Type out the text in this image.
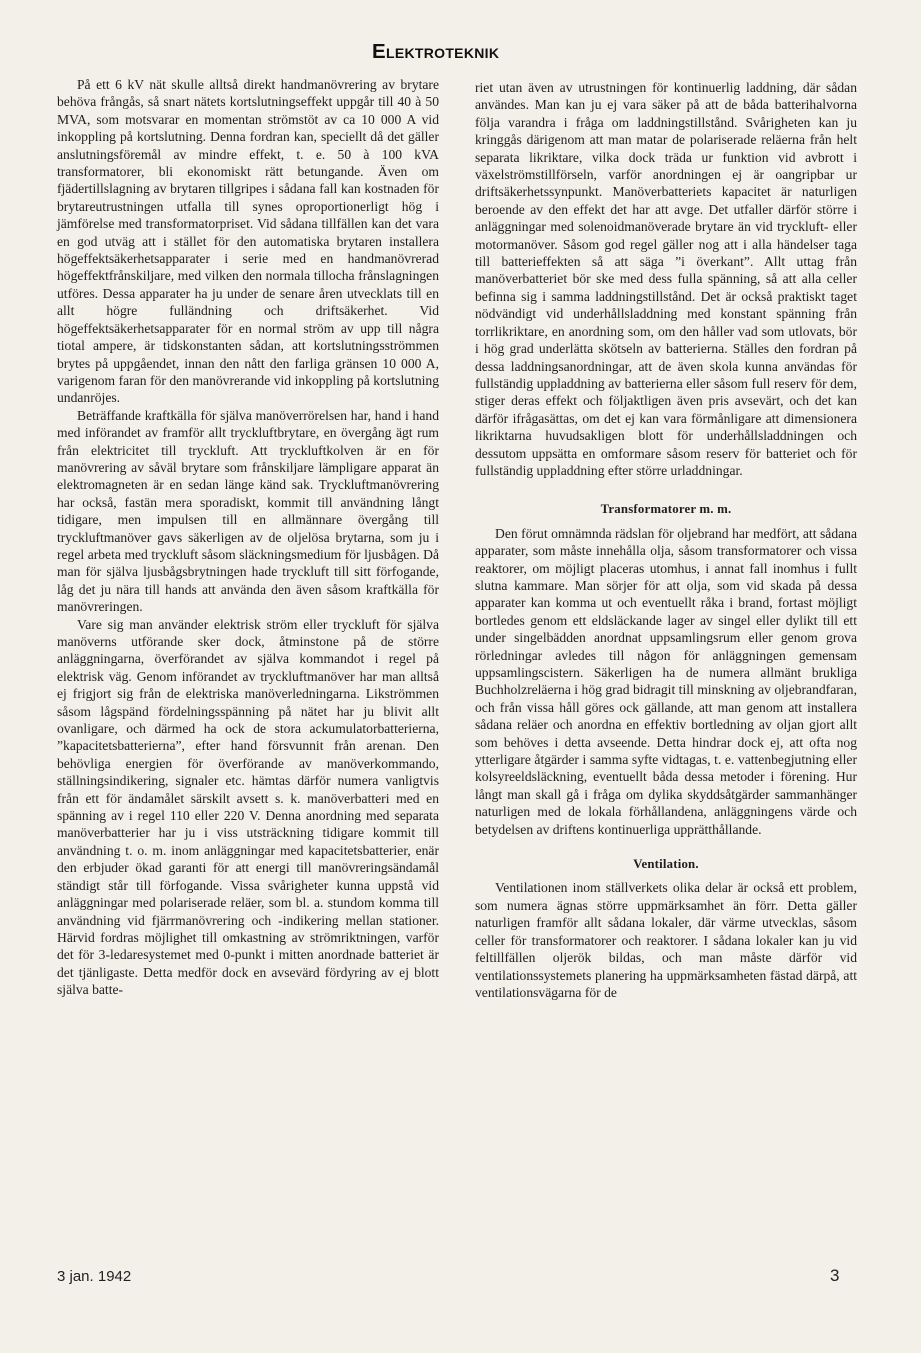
Elektroteknik

På ett 6 kV nät skulle alltså direkt handmanövrering av brytare behöva frångås, så snart nätets kortslutningseffekt uppgår till 40 à 50 MVA, som motsvarar en momentan strömstöt av ca 10 000 A vid inkoppling på kortslutning. Denna fordran kan, speciellt då det gäller anslutningsföremål av mindre effekt, t. e. 50 à 100 kVA transformatorer, bli ekonomiskt rätt betungande. Även om fjädertillslagning av brytaren tillgripes i sådana fall kan kostnaden för brytareutrustningen utfalla till synes oproportionerligt hög i jämförelse med transformatorpriset. Vid sådana tillfällen kan det vara en god utväg att i stället för den automatiska brytaren installera högeffektsäkerhetsapparater i serie med en handmanövrerad högeffektfrånskiljare, med vilken den normala tillocha frånslagningen utföres. Dessa apparater ha ju under de senare åren utvecklats till en allt högre fulländning och driftsäkerhet. Vid högeffektsäkerhetsapparater för en normal ström av upp till några tiotal ampere, är tidskonstanten sådan, att kortslutningsströmmen brytes på uppgåendet, innan den nått den farliga gränsen 10 000 A, varigenom faran för den manövrerande vid inkoppling på kortslutning undanröjes.

Beträffande kraftkälla för själva manöverrörelsen har, hand i hand med införandet av framför allt tryckluftbrytare, en övergång ägt rum från elektricitet till tryckluft. Att tryckluftkolven är en för manövrering av såväl brytare som frånskiljare lämpligare apparat än elektromagneten är en sedan länge känd sak. Tryckluftmanövrering har också, fastän mera sporadiskt, kommit till användning långt tidigare, men impulsen till en allmännare övergång till tryckluftmanöver gavs säkerligen av de oljelösa brytarna, som ju i regel arbeta med tryckluft såsom släckningsmedium för ljusbågen. Då man för själva ljusbågsbrytningen hade tryckluft till sitt förfogande, låg det ju nära till hands att använda den även såsom kraftkälla för manövreringen.

Vare sig man använder elektrisk ström eller tryckluft för själva manöverns utförande sker dock, åtminstone på de större anläggningarna, överförandet av själva kommandot i regel på elektrisk väg. Genom införandet av tryckluftmanöver har man alltså ej frigjort sig från de elektriska manöverledningarna. Likströmmen såsom lågspänd fördelningsspänning på nätet har ju blivit allt ovanligare, och därmed ha ock de stora ackumulatorbatterierna, ”kapacitetsbatterierna”, efter hand försvunnit från arenan. Den behövliga energien för överförande av manöverkommando, ställningsindikering, signaler etc. hämtas därför numera vanligtvis från ett för ändamålet särskilt avsett s. k. manöverbatteri med en spänning av i regel 110 eller 220 V. Denna anordning med separata manöverbatterier har ju i viss utsträckning tidigare kommit till användning t. o. m. inom anläggningar med kapacitetsbatterier, enär den erbjuder ökad garanti för att energi till manövreringsändamål ständigt står till förfogande. Vissa svårigheter kunna uppstå vid anläggningar med polariserade reläer, som bl. a. stundom komma till användning vid fjärrmanövrering och -indikering mellan stationer. Härvid fordras möjlighet till omkastning av strömriktningen, varför det för 3-ledaresystemet med 0-punkt i mitten anordnade batteriet är det tjänligaste. Detta medför dock en avsevärd fördyring av ej blott själva batte-

riet utan även av utrustningen för kontinuerlig laddning, där sådan användes. Man kan ju ej vara säker på att de båda batterihalvorna följa varandra i fråga om laddningstillstånd. Svårigheten kan ju kringgås därigenom att man matar de polariserade reläerna från helt separata likriktare, vilka dock träda ur funktion vid avbrott i växelströmstillförseln, varför anordningen ej är oangripbar ur driftsäkerhetssynpunkt. Manöverbatteriets kapacitet är naturligen beroende av den effekt det har att avge. Det utfaller därför större i anläggningar med solenoidmanöverade brytare än vid tryckluft- eller motormanöver. Såsom god regel gäller nog att i alla händelser taga till batterieffekten så att säga ”i överkant”. Allt uttag från manöverbatteriet bör ske med dess fulla spänning, så att alla celler befinna sig i samma laddningstillstånd. Det är också praktiskt taget nödvändigt vid underhållsladdning med konstant spänning från torrlikriktare, en anordning som, om den håller vad som utlovats, bör i hög grad underlätta skötseln av batterierna. Ställes den fordran på dessa laddningsanordningar, att de även skola kunna användas för fullständig uppladdning av batterierna eller såsom full reserv för dem, stiger deras effekt och följaktligen även pris avsevärt, och det kan därför ifrågasättas, om det ej kan vara förmånligare att dimensionera likriktarna huvudsakligen blott för underhållsladdningen och dessutom uppsätta en omformare såsom reserv för batteriet och för fullständig uppladdning efter större urladdningar.

Transformatorer m. m.

Den förut omnämnda rädslan för oljebrand har medfört, att sådana apparater, som måste innehålla olja, såsom transformatorer och vissa reaktorer, om möjligt placeras utomhus, i annat fall inomhus i fullt slutna kammare. Man sörjer för att olja, som vid skada på dessa apparater kan komma ut och eventuellt råka i brand, fortast möjligt bortledes genom ett eldsläckande lager av singel eller dylikt till ett under singelbädden anordnat uppsamlingsrum eller genom grova rörledningar avledes till någon för anläggningen gemensam uppsamlingscistern. Säkerligen ha de numera allmänt brukliga Buchholzreläerna i hög grad bidragit till minskning av oljebrandfaran, och från vissa håll göres ock gällande, att man genom att installera sådana reläer och anordna en effektiv bortledning av oljan gjort allt som behöves i detta avseende. Detta hindrar dock ej, att ofta nog ytterligare åtgärder i samma syfte vidtagas, t. e. vattenbegjutning eller kolsyreeldsläckning, eventuellt båda dessa metoder i förening. Hur långt man skall gå i fråga om dylika skyddsåtgärder sammanhänger naturligen med de lokala förhållandena, anläggningens värde och betydelsen av driftens kontinuerliga upprätthållande.

Ventilation.

Ventilationen inom ställverkets olika delar är också ett problem, som numera ägnas större uppmärksamhet än förr. Detta gäller naturligen framför allt sådana lokaler, där värme utvecklas, såsom celler för transformatorer och reaktorer. I sådana lokaler kan ju vid feltillfällen oljerök bildas, och man måste därför vid ventilationssystemets planering ha uppmärksamheten fästad därpå, att ventilationsvägarna för de

3 jan. 1942	3
